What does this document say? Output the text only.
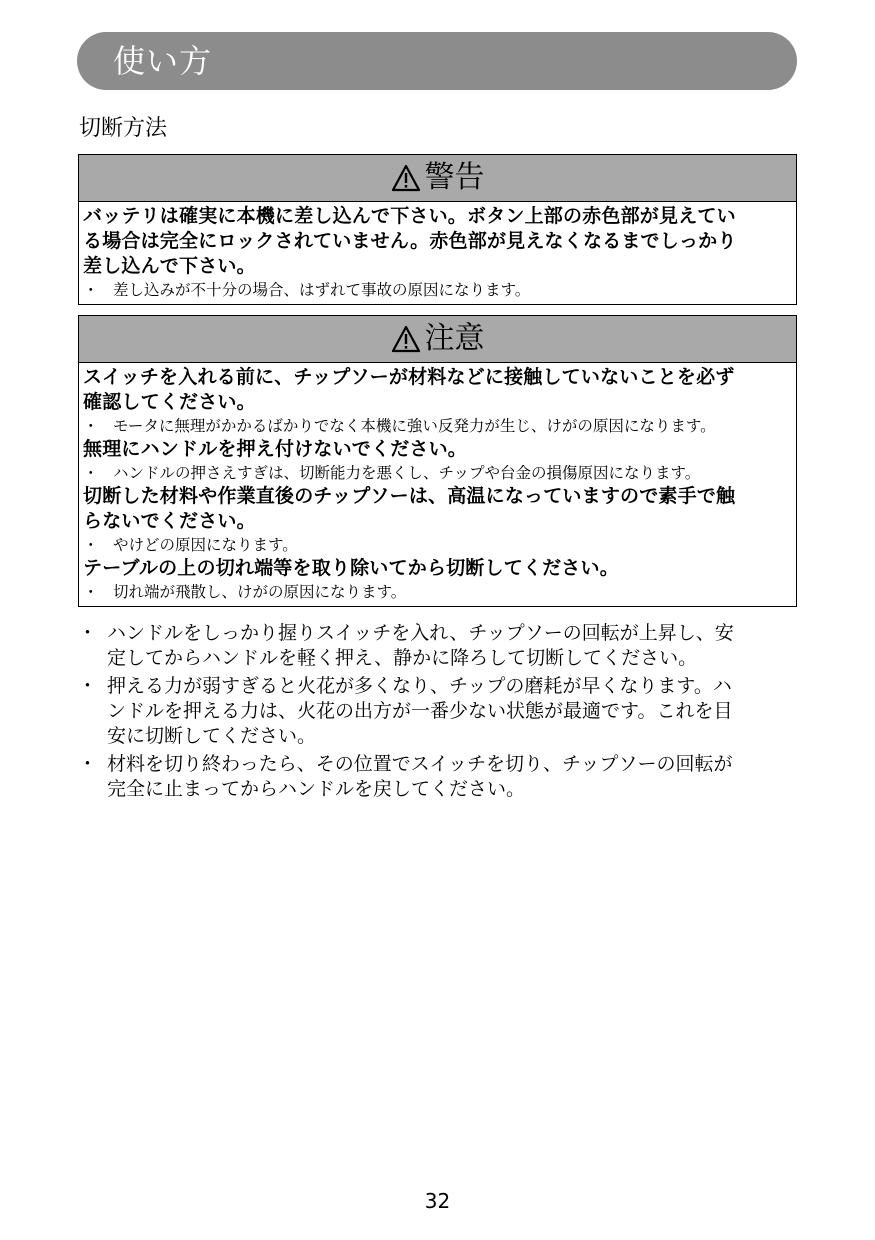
使い方
切断方法
警告
バッテリは確実に本機に差し込んで下さい。ボタン上部の赤色部が見えてい
る場合は完全にロックされていません。赤色部が見えなくなるまでしっかり
差し込んで下さい。
・ 差し込みが不十分の場合、はずれて事故の原因になります。
注意
スイッチを入れる前に、チップソーが材料などに接触していないことを必ず
確認してください。
・ モータに無理がかかるばかりでなく本機に強い反発力が生じ、けがの原因になります。
無理にハンドルを押え付けないでください。
・ ハンドルの押さえすぎは、切断能力を悪くし、チップや台金の損傷原因になります。
切断した材料や作業直後のチップソーは、高温になっていますので素手で触
らないでください。
・ やけどの原因になります。
テーブルの上の切れ端等を取り除いてから切断してください。
・ 切れ端が飛散し、けがの原因になります。
・ ハンドルをしっかり握りスイッチを入れ、チップソーの回転が上昇し、安
定してからハンドルを軽く押え、静かに降ろして切断してください。
・ 押える力が弱すぎると火花が多くなり、チップの磨耗が早くなります。ハ
ンドルを押える力は、火花の出方が一番少ない状態が最適です。これを目
安に切断してください。
・ 材料を切り終わったら、その位置でスイッチを切り、チップソーの回転が
完全に止まってからハンドルを戻してください。
32
